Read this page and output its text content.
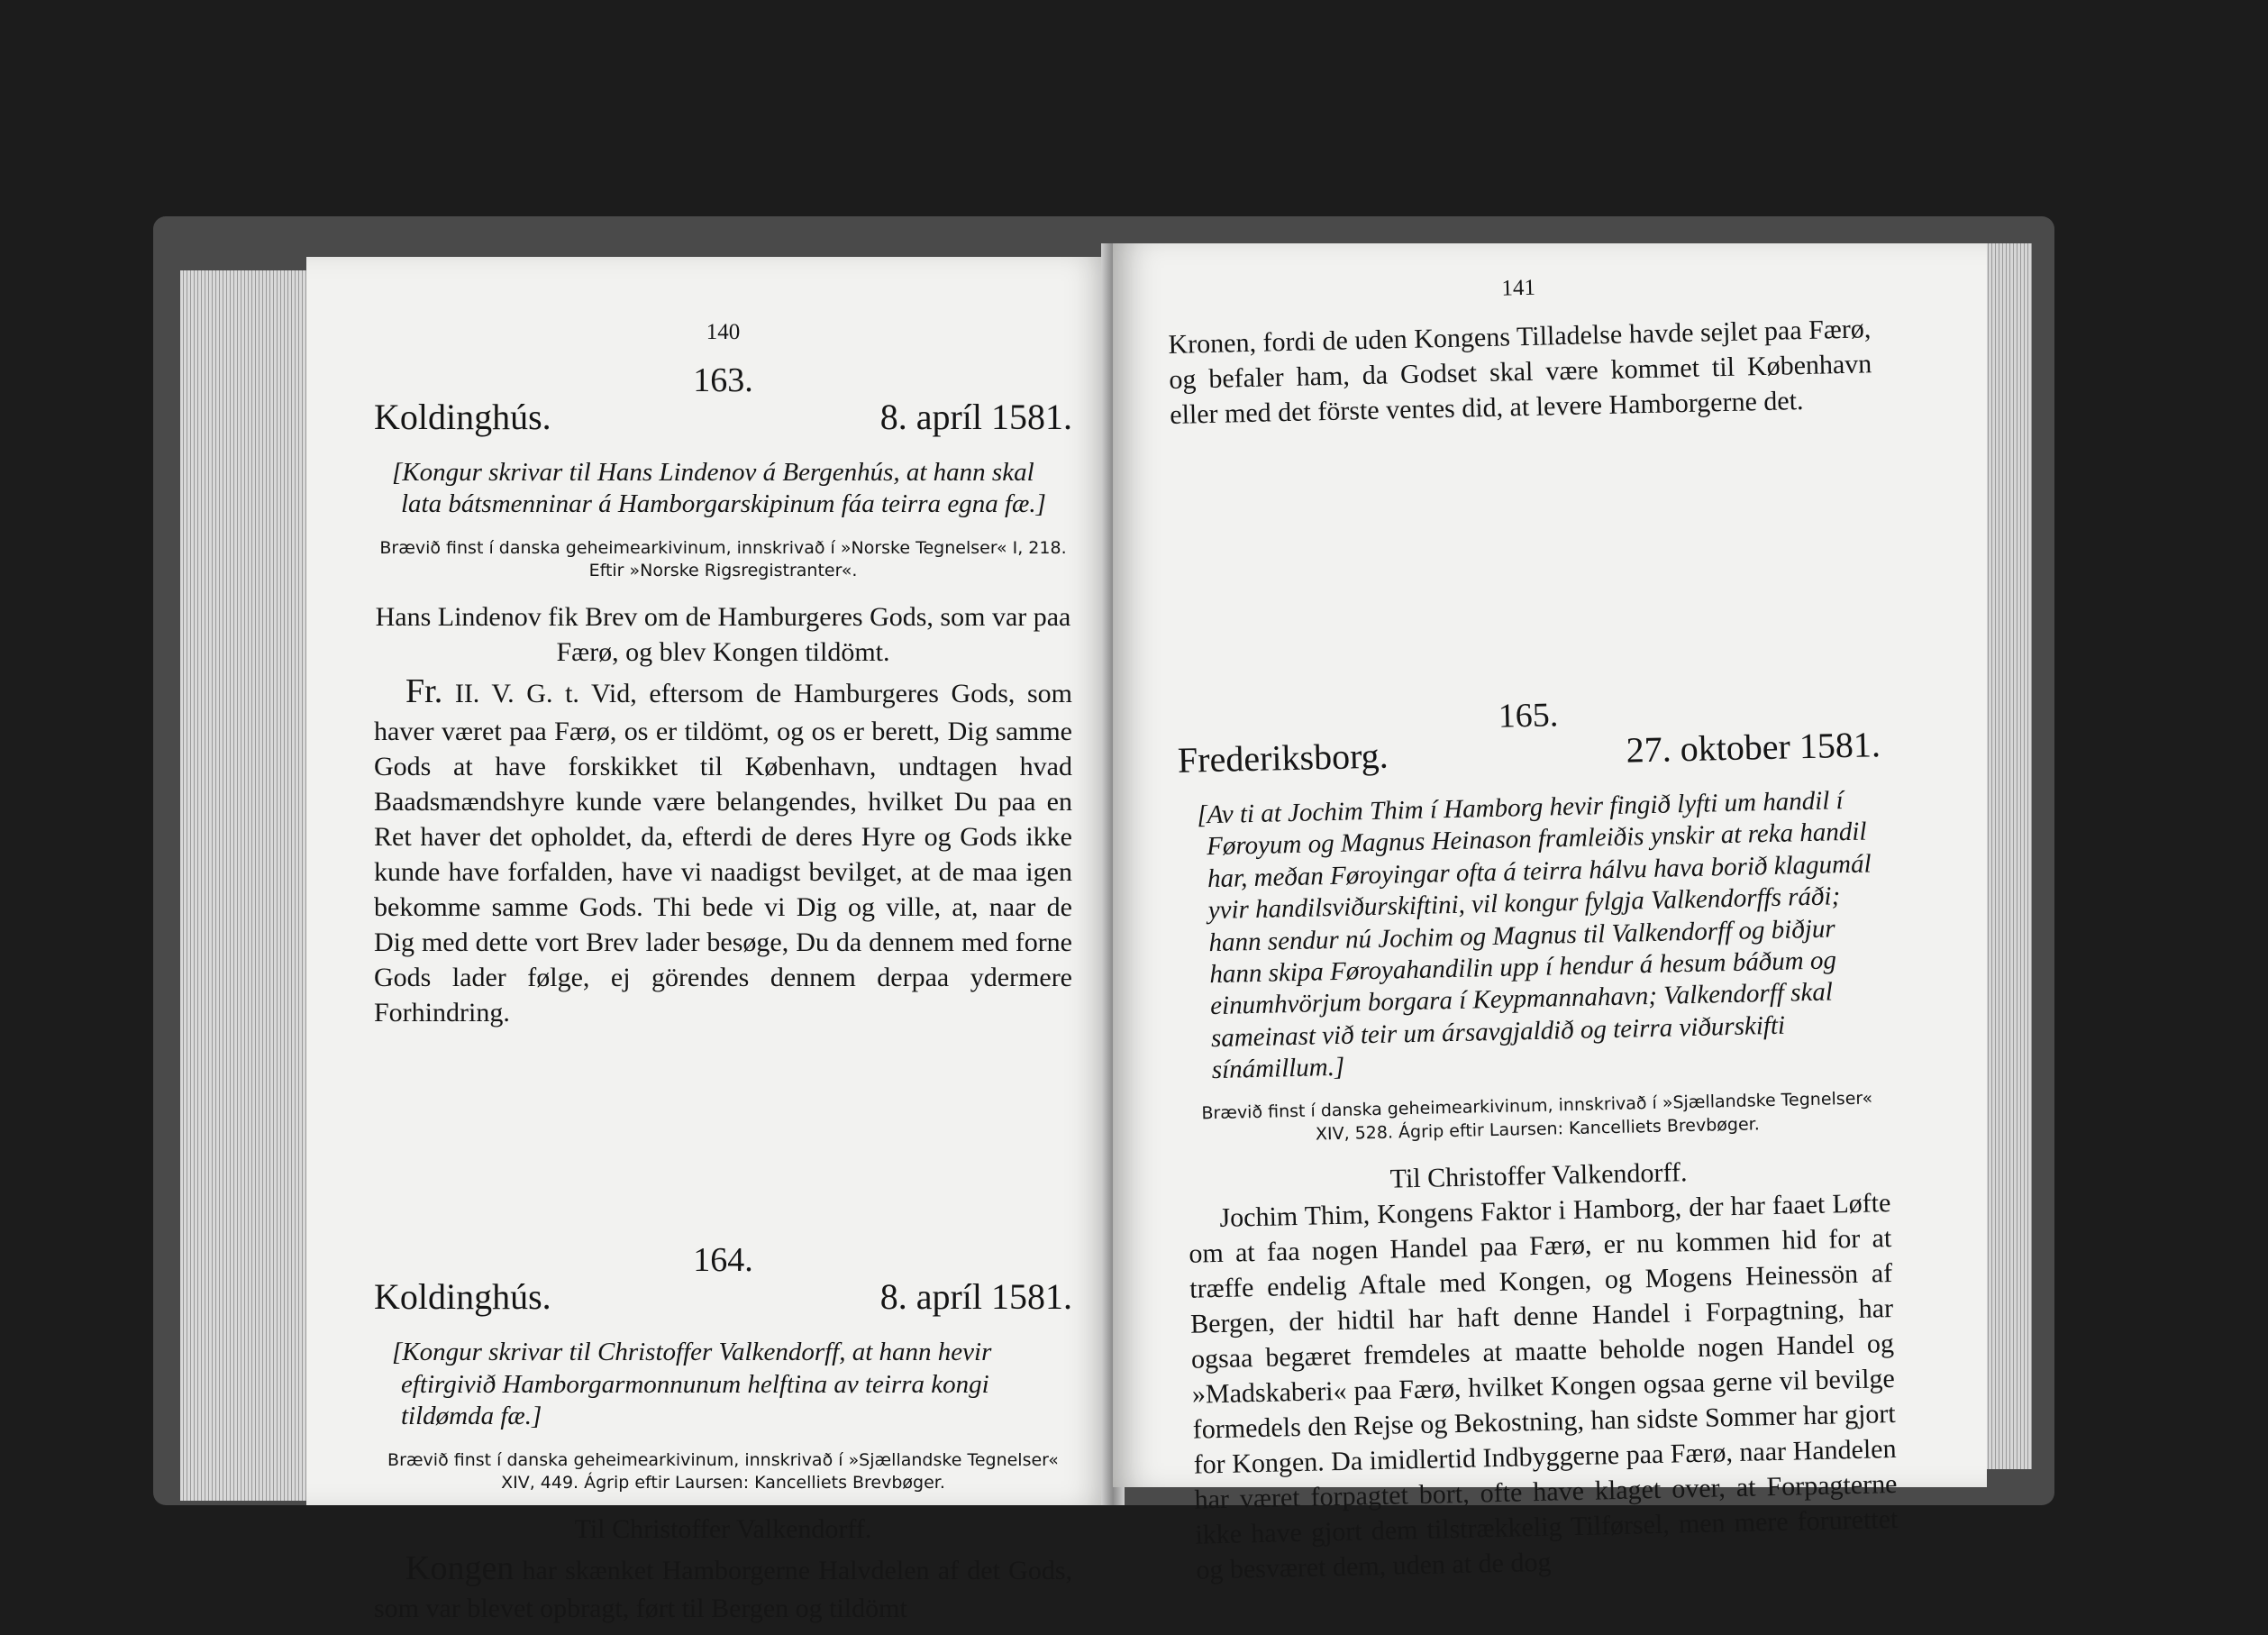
140
163.
Koldinghús.	8. apríl 1581.
[Kongur skrivar til Hans Lindenov á Bergenhús, at hann skal lata bátsmenninar á Hamborgarskipinum fáa teirra egna fæ.]
Brævið finst í danska geheimearkivinum, innskrivað í »Norske Tegnelser« I, 218. Eftir »Norske Rigsregistranter«.
Hans Lindenov fik Brev om de Hamburgeres Gods, som var paa Færø, og blev Kongen tildömt.

Fr. II. V. G. t. Vid, eftersom de Hamburgeres Gods, som haver været paa Færø, os er tildömt, og os er berett, Dig samme Gods at have forskikket til København, undtagen hvad Baadsmændshyre kunde være belangendes, hvilket Du paa en Ret haver det opholdet, da, efterdi de deres Hyre og Gods ikke kunde have forfalden, have vi naadigst bevilget, at de maa igen bekomme samme Gods. Thi bede vi Dig og ville, at, naar de Dig med dette vort Brev lader besøge, Du da dennem med forne Gods lader følge, ej görendes dennem derpaa ydermere Forhindring.

164.
Koldinghús.	8. apríl 1581.
[Kongur skrivar til Christoffer Valkendorff, at hann hevir eftirgivið Hamborgarmonnunum helftina av teirra kongi tildømda fæ.]
Brævið finst í danska geheimearkivinum, innskrivað í »Sjællandske Tegnelser« XIV, 449. Ágrip eftir Laursen: Kancelliets Brevbøger.
Til Christoffer Valkendorff.

Kongen har skænket Hamborgerne Halvdelen af det Gods, som var blevet opbragt, ført til Bergen og tildömt

141

Kronen, fordi de uden Kongens Tilladelse havde sejlet paa Færø, og befaler ham, da Godset skal være kommet til København eller med det förste ventes did, at levere Hamborgerne det.

165.
Frederiksborg.	27. oktober 1581.
[Av ti at Jochim Thim í Hamborg hevir fingið lyfti um handil í Føroyum og Magnus Heinason framleiðis ynskir at reka handil har, meðan Føroyingar ofta á teirra hálvu hava borið klagumál yvir handilsviðurskiftini, vil kongur fylgja Valkendorffs ráði; hann sendur nú Jochim og Magnus til Valkendorff og biðjur hann skipa Føroyahandilin upp í hendur á hesum báðum og einumhvörjum borgara í Keypmannahavn; Valkendorff skal sameinast við teir um ársavgjaldið og teirra viðurskifti sínámillum.]
Brævið finst í danska geheimearkivinum, innskrivað í »Sjællandske Tegnelser« XIV, 528. Ágrip eftir Laursen: Kancelliets Brevbøger.
Til Christoffer Valkendorff.

Jochim Thim, Kongens Faktor i Hamborg, der har faaet Løfte om at faa nogen Handel paa Færø, er nu kommen hid for at træffe endelig Aftale med Kongen, og Mogens Heinessön af Bergen, der hidtil har haft denne Handel i Forpagtning, har ogsaa begæret fremdeles at maatte beholde nogen Handel og »Madskaberi« paa Færø, hvilket Kongen ogsaa gerne vil bevilge formedels den Rejse og Bekostning, han sidste Sommer har gjort for Kongen. Da imidlertid Indbyggerne paa Færø, naar Handelen har været forpagtet bort, ofte have klaget over, at Forpagterne ikke have gjort dem tilstrækkelig Tilførsel, men mere forurettet og besværet dem, uden at de dog
